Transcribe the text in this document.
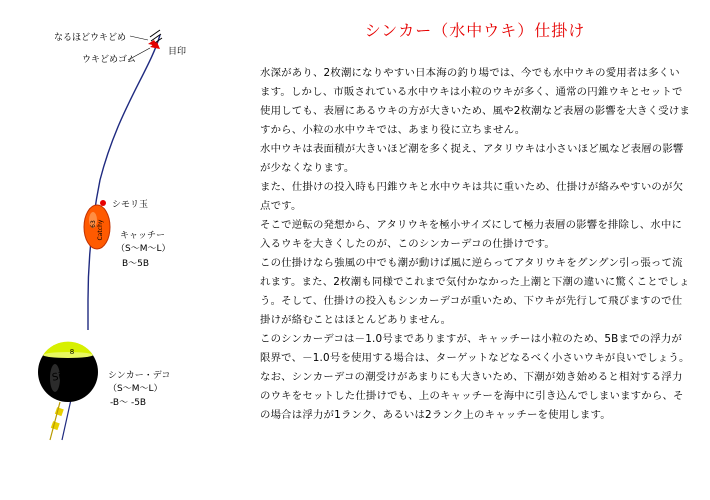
なるほどウキどめ
ウキどめゴム
目印
シモリ玉
63 Catchy キャッチー
（S～M～L）
B～5B
8
Sinker	シンカー・デコ
（S～M～L）
-B～ -5B
シンカー（水中ウキ）仕掛け

水深があり、2枚潮になりやすい日本海の釣り場では、今でも水中ウキの愛用者は多くいます。しかし、市販されている水中ウキは小粒のウキが多く、通常の円錐ウキとセットで使用しても、表層にあるウキの方が大きいため、風や2枚潮など表層の影響を大きく受けますから、小粒の水中ウキでは、あまり役に立ちません。

水中ウキは表面積が大きいほど潮を多く捉え、アタリウキは小さいほど風など表層の影響が少なくなります。

また、仕掛けの投入時も円錐ウキと水中ウキは共に重いため、仕掛けが絡みやすいのが欠点です。

そこで逆転の発想から、アタリウキを極小サイズにして極力表層の影響を排除し、水中に入るウキを大きくしたのが、このシンカーデコの仕掛けです。

この仕掛けなら強風の中でも潮が動けば風に逆らってアタリウキをグングン引っ張って流れます。また、2枚潮も同様でこれまで気付かなかった上潮と下潮の違いに驚くことでしょう。そして、仕掛けの投入もシンカーデコが重いため、下ウキが先行して飛びますので仕掛けが絡むことはほとんどありません。

このシンカーデコは－1.0号までありますが、キャッチーは小粒のため、5Bまでの浮力が限界で、－1.0号を使用する場合は、ターゲットなどなるべく小さいウキが良いでしょう。なお、シンカーデコの潮受けがあまりにも大きいため、下潮が効き始めると相対する浮力のウキをセットした仕掛けでも、上のキャッチーを海中に引き込んでしまいますから、その場合は浮力が1ランク、あるいは2ランク上のキャッチーを使用します。
